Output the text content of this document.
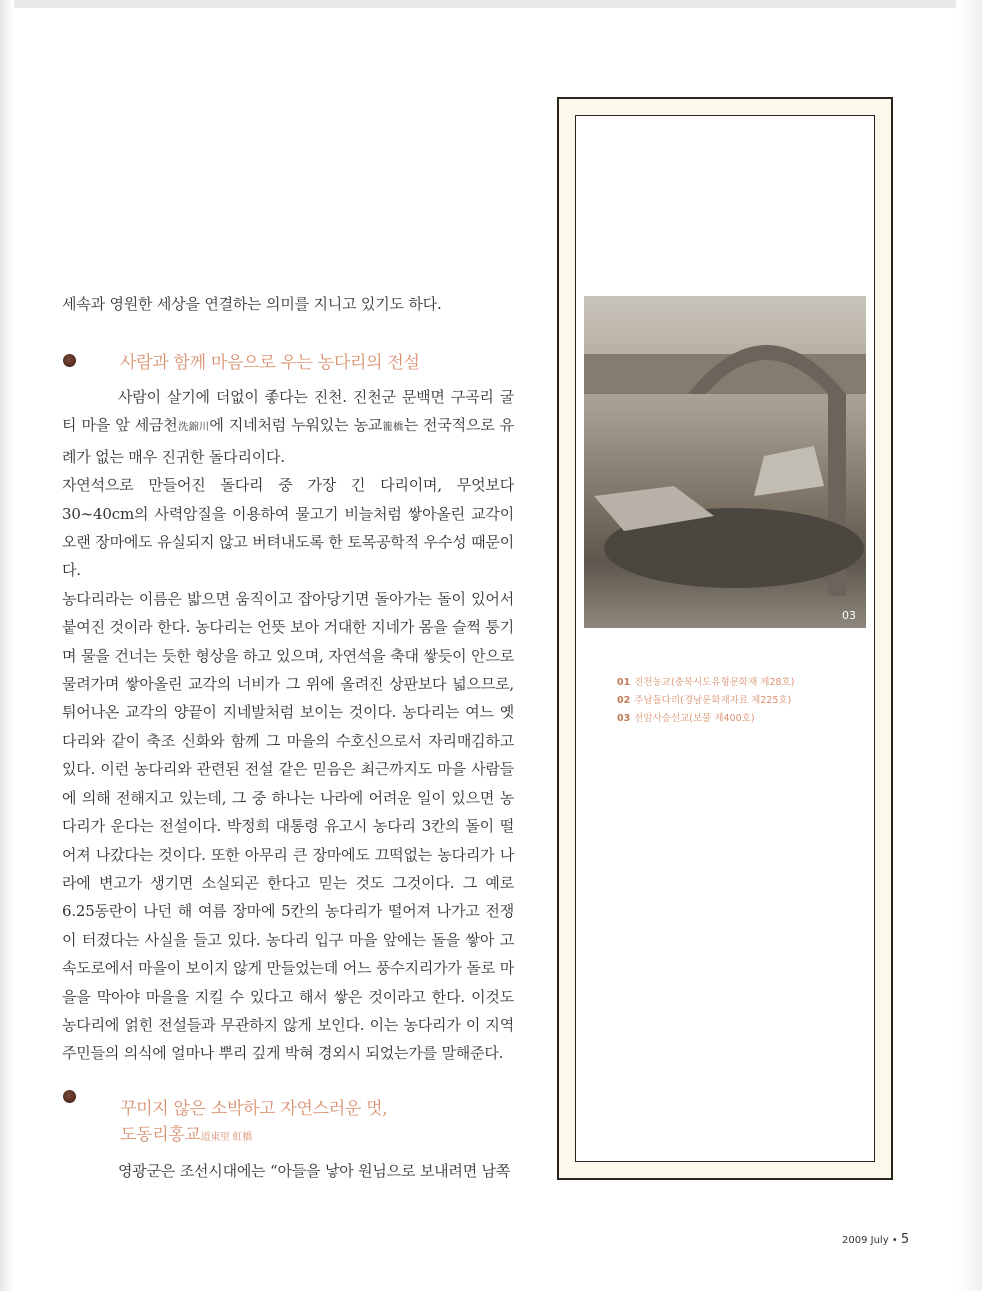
세속과 영원한 세상을 연결하는 의미를 지니고 있기도 하다.

사람과 함께 마음으로 우는 농다리의 전설

사람이 살기에 더없이 좋다는 진천. 진천군 문백면 구곡리 굴티 마을 앞 세금천洗錦川에 지네처럼 누워있는 농교籠橋는 전국적으로 유례가 없는 매우 진귀한 돌다리이다.

자연석으로 만들어진 돌다리 중 가장 긴 다리이며, 무엇보다 30~40cm의 사력암질을 이용하여 물고기 비늘처럼 쌓아올린 교각이 오랜 장마에도 유실되지 않고 버텨내도록 한 토목공학적 우수성 때문이다.

농다리라는 이름은 밟으면 움직이고 잡아당기면 돌아가는 돌이 있어서 붙여진 것이라 한다. 농다리는 언뜻 보아 거대한 지네가 몸을 슬쩍 퉁기며 물을 건너는 듯한 형상을 하고 있으며, 자연석을 축대 쌓듯이 안으로 물려가며 쌓아올린 교각의 너비가 그 위에 올려진 상판보다 넓으므로, 튀어나온 교각의 양끝이 지네발처럼 보이는 것이다. 농다리는 여느 옛다리와 같이 축조 신화와 함께 그 마을의 수호신으로서 자리매김하고 있다. 이런 농다리와 관련된 전설 같은 믿음은 최근까지도 마을 사람들에 의해 전해지고 있는데, 그 중 하나는 나라에 어려운 일이 있으면 농다리가 운다는 전설이다. 박정희 대통령 유고시 농다리 3칸의 돌이 떨어져 나갔다는 것이다. 또한 아무리 큰 장마에도 끄떡없는 농다리가 나라에 변고가 생기면 소실되곤 한다고 믿는 것도 그것이다. 그 예로 6.25동란이 나던 해 여름 장마에 5칸의 농다리가 떨어져 나가고 전쟁이 터졌다는 사실을 들고 있다. 농다리 입구 마을 앞에는 돌을 쌓아 고속도로에서 마을이 보이지 않게 만들었는데 어느 풍수지리가가 돌로 마을을 막아야 마을을 지킬 수 있다고 해서 쌓은 것이라고 한다. 이것도 농다리에 얽힌 전설들과 무관하지 않게 보인다. 이는 농다리가 이 지역 주민들의 의식에 얼마나 뿌리 깊게 박혀 경외시 되었는가를 말해준다.

꾸미지 않은 소박하고 자연스러운 멋,
도동리홍교道東里 虹橋

영광군은 조선시대에는 “아들을 낳아 원님으로 보내려면 남쪽

03
01 진천농교(충북시도유형문화재 제28호)
02 주남돌다리(경남문화재자료 제225호)
03 선암사승선교(보물 제400호)
2009 July • 5
